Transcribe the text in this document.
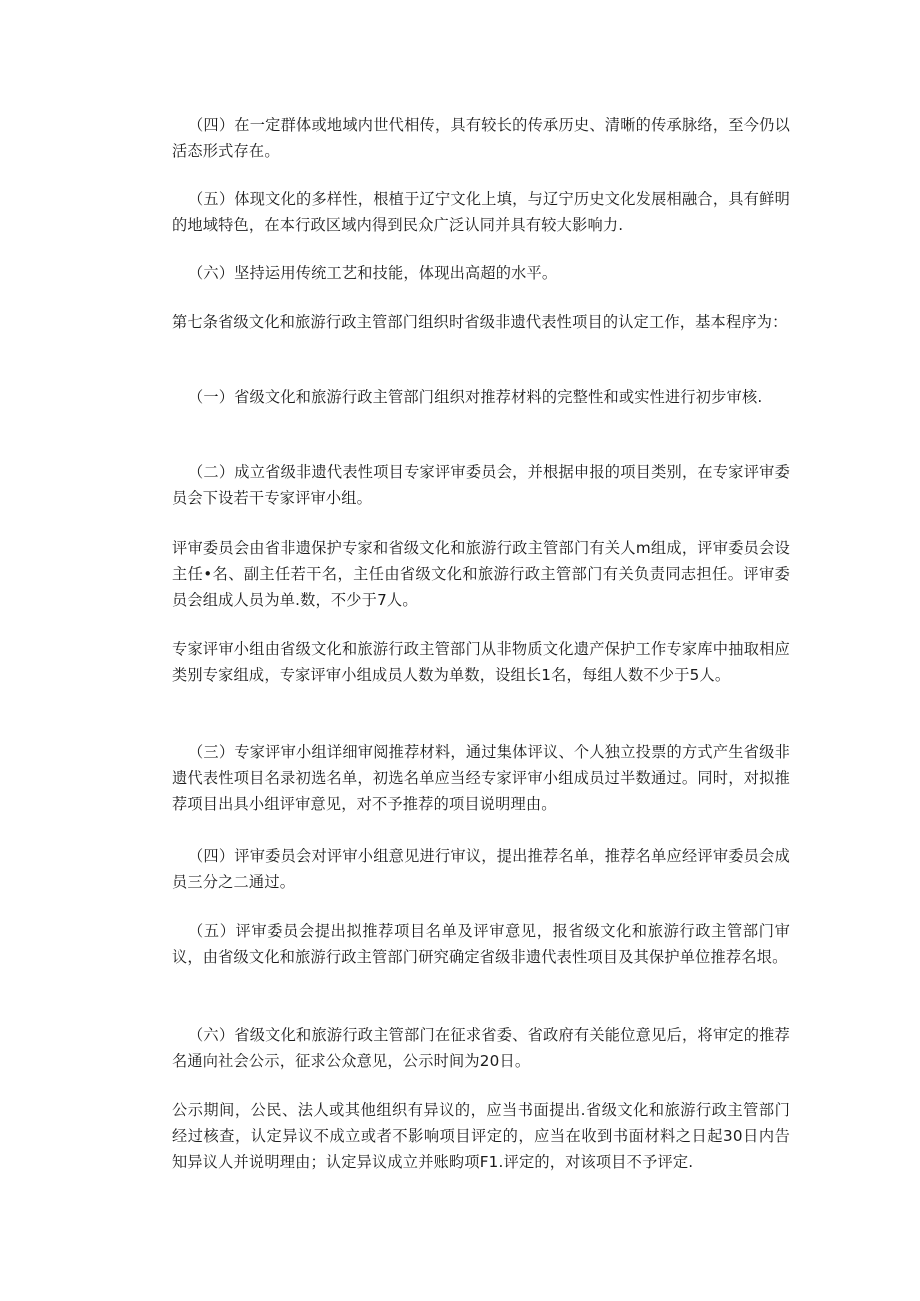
（四）在一定群体或地域内世代相传，具有较长的传承历史、清晰的传承脉络，至今仍以活态形式存在。
（五）体现文化的多样性，根植于辽宁文化上填，与辽宁历史文化发展相融合，具有鲜明的地域特色，在本行政区域内得到民众广泛认同并具有较大影响力.
（六）坚持运用传统工艺和技能，体现出高超的水平。
第七条省级文化和旅游行政主管部门组织时省级非遗代表性项目的认定工作，基本程序为：
（一）省级文化和旅游行政主管部门组织对推荐材料的完整性和或实性进行初步审核.
（二）成立省级非遗代表性项目专家评审委员会，并根据申报的项目类别，在专家评审委员会下设若干专家评审小组。
评审委员会由省非遗保护专家和省级文化和旅游行政主管部门有关人m组成，评审委员会设主任•名、副主任若干名，主任由省级文化和旅游行政主管部门有关负责同志担任。评审委员会组成人员为单.数，不少于7人。
专家评审小组由省级文化和旅游行政主管部门从非物质文化遗产保护工作专家库中抽取相应类别专家组成，专家评审小组成员人数为单数，设组长1名，每组人数不少于5人。
（三）专家评审小组详细审阅推荐材料，通过集体评议、个人独立投票的方式产生省级非遗代表性项目名录初选名单，初选名单应当经专家评审小组成员过半数通过。同时，对拟推荐项目出具小组评审意见，对不予推荐的项目说明理由。
（四）评审委员会对评审小组意见进行审议，提出推荐名单，推荐名单应经评审委员会成员三分之二通过。
（五）评审委员会提出拟推荐项目名单及评审意见，报省级文化和旅游行政主管部门审议，由省级文化和旅游行政主管部门研究确定省级非遗代表性项目及其保护单位推荐名垠。
（六）省级文化和旅游行政主管部门在征求省委、省政府有关能位意见后，将审定的推荐名通向社会公示，征求公众意见，公示时间为20日。
公示期间，公民、法人或其他组织有异议的，应当书面提出.省级文化和旅游行政主管部门经过核查，认定异议不成立或者不影响项目评定的，应当在收到书面材料之日起30日内告知异议人并说明理由；认定异议成立并账畇项F1.评定的，对该项目不予评定.
